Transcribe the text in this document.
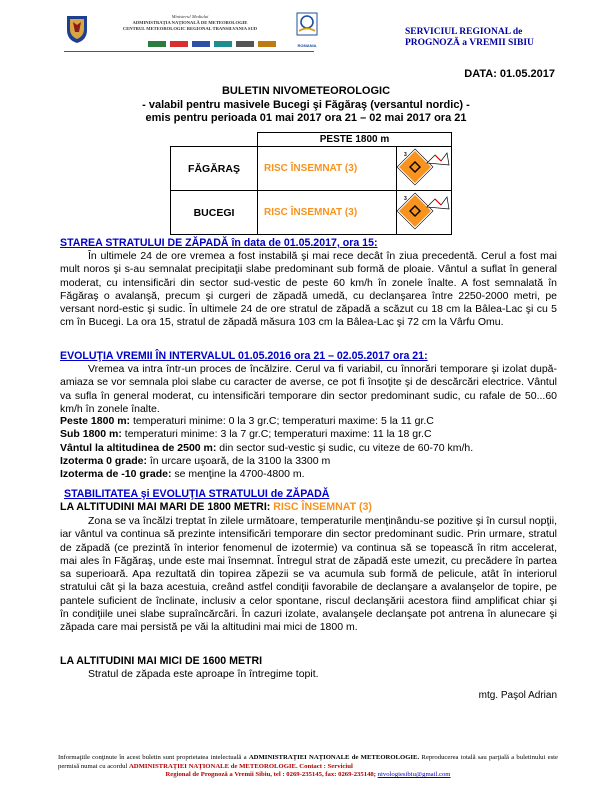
Ministerul Mediului
ADMINISTRAȚIA NAȚIONALĂ DE METEOROLOGIE
CENTRUL METEOROLOGIC REGIONAL TRANSILVANIA SUD
ROMANIA
SERVICIUL REGIONAL de
PROGNOZĂ a VREMII SIBIU
DATA: 01.05.2017
BULETIN NIVOMETEOROLOGIC
- valabil pentru masivele Bucegi şi Făgăraş (versantul nordic) -
emis pentru perioada 01 mai 2017 ora 21 – 02 mai 2017 ora 21
	PESTE 1800 m	
FĂGĂRAŞ	RISC ÎNSEMNAT (3)	3

BUCEGI	RISC ÎNSEMNAT (3)	3
STAREA STRATULUI DE ZĂPADĂ în data de 01.05.2017, ora 15:

În ultimele 24 de ore vremea a fost instabilă şi mai rece decât în ziua precedentă. Cerul a fost mai mult noros şi s-au semnalat precipitaţii slabe predominant sub formă de ploaie. Vântul a suflat în general moderat, cu intensificări din sector sud-vestic de peste 60 km/h în zonele înalte. A fost semnalată în Făgăraş o avalanşă, precum şi curgeri de zăpadă umedă, cu declanşarea între 2250-2000 metri, pe versant nord-estic şi sudic. În ultimele 24 de ore stratul de zăpadă a scăzut cu 18 cm la Bâlea-Lac şi cu 5 cm în Bucegi. La ora 15, stratul de zăpadă măsura 103 cm la Bâlea-Lac şi 72 cm la Vârfu Omu.

EVOLUŢIA VREMII ÎN INTERVALUL 01.05.2016 ora 21 – 02.05.2017 ora 21:

Vremea va intra într-un proces de încălzire. Cerul va fi variabil, cu înnorări temporare şi izolat după-amiaza se vor semnala ploi slabe cu caracter de averse, ce pot fi însoţite şi de descărcări electrice. Vântul va sufla în general moderat, cu intensificări temporare din sector predominant sudic, cu rafale de 50...60 km/h în zonele înalte.

Peste 1800 m: temperaturi minime: 0 la 3 gr.C; temperaturi maxime: 5 la 11 gr.C
Sub 1800 m: temperaturi minime: 3 la 7 gr.C; temperaturi maxime: 11 la 18 gr.C
Vântul la altitudinea de 2500 m: din sector sud-vestic şi sudic, cu viteze de 60-70 km/h.
Izoterma 0 grade: în urcare uşoară, de la 3100 la 3300 m
Izoterma de -10 grade: se menţine la 4700-4800 m.
STABILITATEA şi EVOLUŢIA STRATULUI de ZĂPADĂ
LA ALTITUDINI MAI MARI DE 1800 METRI: RISC ÎNSEMNAT (3)

Zona se va încălzi treptat în zilele următoare, temperaturile menţinându-se pozitive şi în cursul nopţii, iar vântul va continua să prezinte intensificări temporare din sector predominant sudic. Prin urmare, stratul de zăpadă (ce prezintă în interior fenomenul de izotermie) va continua să se topească în ritm accelerat, mai ales în Făgăraş, unde este mai însemnat. Întregul strat de zăpadă este umezit, cu precădere în partea sa superioară. Apa rezultată din topirea zăpezii se va acumula sub formă de pelicule, atât în interiorul stratului cât şi la baza acestuia, creând astfel condiţii favorabile de declanşare a avalanşelor de topire, pe pantele suficient de înclinate, inclusiv a celor spontane, riscul declanşării acestora fiind amplificat chiar şi în condiţiile unei slabe supraîncărcări. În cazuri izolate, avalanşele declanşate pot antrena în alunecare şi zăpada care mai persistă pe văi la altitudini mai mici de 1800 m.

LA ALTITUDINI MAI MICI DE 1600 METRI

Stratul de zăpada este aproape în întregime topit.

mtg. Paşol Adrian
Informaţiile conţinute în acest buletin sunt proprietatea intelectuală a ADMINISTRAŢIEI NAŢIONALE de METEOROLOGIE. Reproducerea totală sau parţială a buletinului este permisă numai cu acordul ADMINISTRAŢIEI NAŢIONALE de METEOROLOGIE. Contact : Serviciul
Regional de Prognoză a Vremii Sibiu, tel : 0269-235145, fax: 0269-235148; nivologiesibiu@gmail.com
